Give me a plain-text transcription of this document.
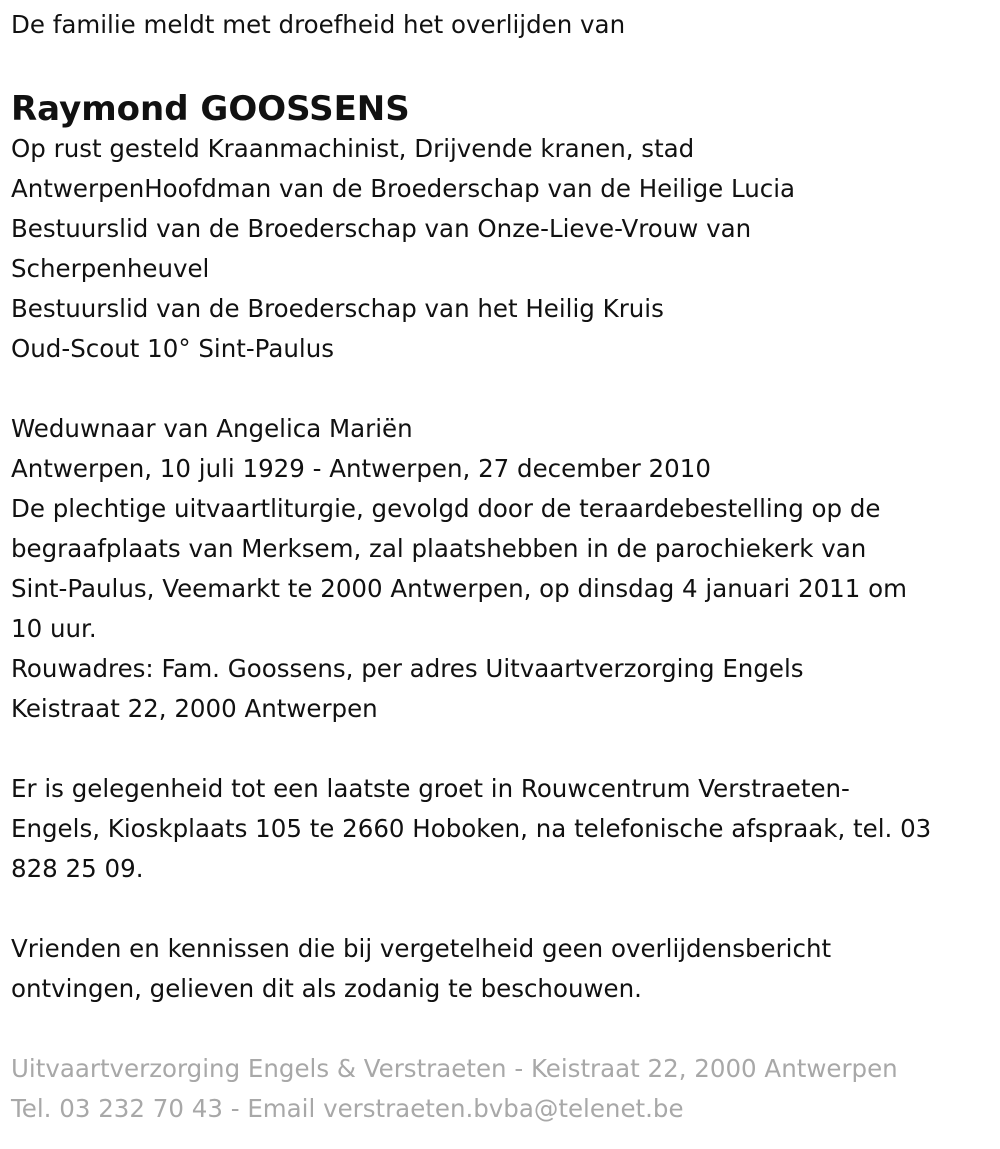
De familie meldt met droefheid het overlijden van
Raymond GOOSSENS
Op rust gesteld Kraanmachinist, Drijvende kranen, stad
AntwerpenHoofdman van de Broederschap van de Heilige Lucia
Bestuurslid van de Broederschap van Onze-Lieve-Vrouw van
Scherpenheuvel
Bestuurslid van de Broederschap van het Heilig Kruis
Oud-Scout 10° Sint-Paulus
Weduwnaar van Angelica Mariën
Antwerpen, 10 juli 1929 - Antwerpen, 27 december 2010
De plechtige uitvaartliturgie, gevolgd door de teraardebestelling op de
begraafplaats van Merksem, zal plaatshebben in de parochiekerk van
Sint-Paulus, Veemarkt te 2000 Antwerpen, op dinsdag 4 januari 2011 om
10 uur.
Rouwadres: Fam. Goossens, per adres Uitvaartverzorging Engels
Keistraat 22, 2000 Antwerpen
Er is gelegenheid tot een laatste groet in Rouwcentrum Verstraeten-
Engels, Kioskplaats 105 te 2660 Hoboken, na telefonische afspraak, tel. 03
828 25 09.
Vrienden en kennissen die bij vergetelheid geen overlijdensbericht
ontvingen, gelieven dit als zodanig te beschouwen.
Uitvaartverzorging Engels & Verstraeten - Keistraat 22, 2000 Antwerpen
Tel. 03 232 70 43 - Email verstraeten.bvba@telenet.be
